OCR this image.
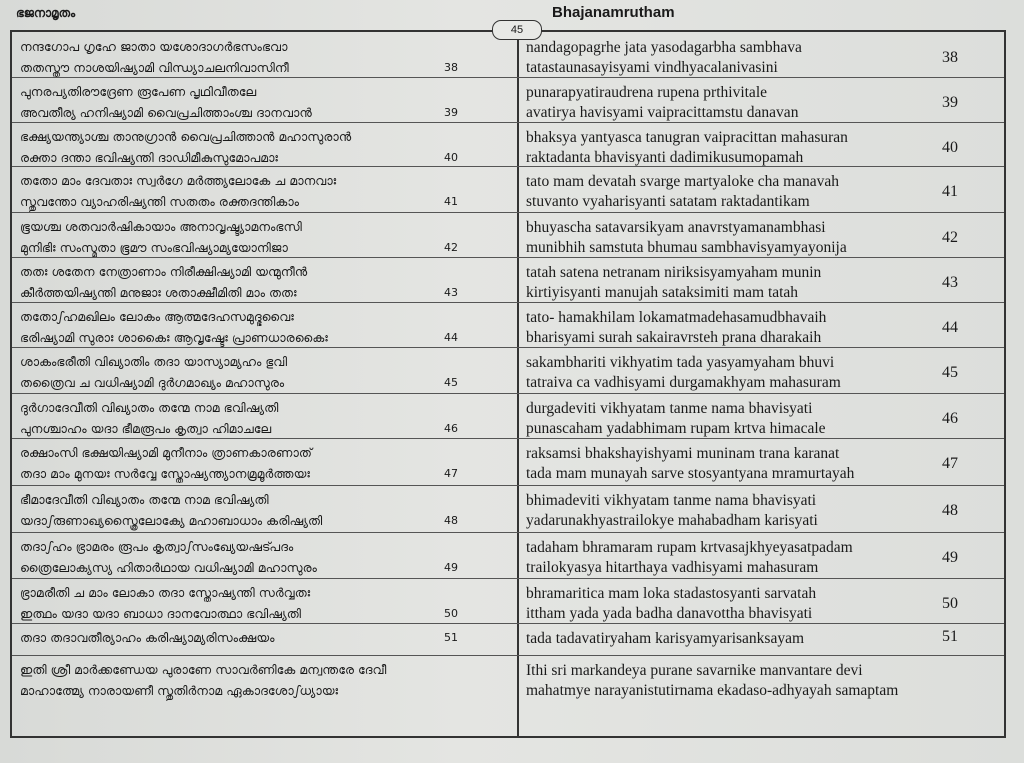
ഭജനാമൃതം	Bhajanamrutham
45
നന്ദഗോപ ഗൃഹേ ജാതാ യശോദാഗർഭസംഭവാ
തതസ്തൗ നാശയിഷ്യാമി വിന്ധ്യാചലനിവാസിനീ	38
nandagopagrhe jata yasodagarbha sambhava
tatastaunasayisyami vindhyacalanivasini
38
പുനരപ്യതിരൗദ്രേണ രൂപേണ പൃഥിവീതലേ
അവതീര്യ ഹനിഷ്യാമി വൈപ്രചിത്താംശ്ച ദാനവാൻ	39
punarapyatiraudrena rupena prthivitale
avatirya havisyami vaipracittamstu danavan
39
ഭക്ഷ്യയന്ത്യാശ്ച താനുഗ്രാൻ വൈപ്രചിത്താൻ മഹാസുരാൻ
രക്താ ദന്താ ഭവിഷ്യന്തി ദാഡിമീകുസുമോപമാഃ	40
bhaksya yantyasca tanugran vaipracittan mahasuran
raktadanta bhavisyanti dadimikusumopamah
40
തതോ മാം ദേവതാഃ സ്വർഗേ മർത്ത്യലോകേ ച മാനവാഃ
സ്തുവന്തോ വ്യാഹരിഷ്യന്തി സതതം രക്തദന്തികാം	41
tato mam devatah svarge martyaloke cha manavah
stuvanto vyaharisyanti satatam raktadantikam
41
ഭൂയശ്ച ശതവാർഷികായാം അനാവൃഷ്ട്യാമനംഭസി
മുനിഭിഃ സംസ്മൃതാ ഭൂമൗ സംഭവിഷ്യാമ്യയോനിജാ	42
bhuyascha satavarsikyam anavrstyamanambhasi
munibhih samstuta bhumau sambhavisyamyayonija
42
തതഃ ശതേന നേത്രാണാം നിരീക്ഷിഷ്യാമി യന്മുനീൻ
കീർത്തയിഷ്യന്തി മനുജാഃ ശതാക്ഷീമിതി മാം തതഃ	43
tatah satena netranam niriksisyamyaham munin
kirtiyisyanti manujah sataksimiti mam tatah
43
തതോഽഹമഖിലം ലോകം ആത്മദേഹസമുദ്ഭവൈഃ
ഭരിഷ്യാമി സുരാഃ ശാകൈഃ ആവൃഷ്ടേഃ പ്രാണധാരകൈഃ	44
tato- hamakhilam lokamatmadehasamudbhavaih
bharisyami surah sakairavrsteh prana dharakaih
44
ശാകംഭരീതി വിഖ്യാതിം തദാ യാസ്യാമ്യഹം ഭുവി
തത്രൈവ ച വധിഷ്യാമി ദുർഗമാഖ്യം മഹാസുരം	45
sakambhariti vikhyatim tada yasyamyaham bhuvi
tatraiva ca vadhisyami durgamakhyam mahasuram
45
ദുർഗാദേവീതി വിഖ്യാതം തന്മേ നാമ ഭവിഷ്യതി
പുനശ്ചാഹം യദാ ഭീമരൂപം കൃത്വാ ഹിമാചലേ	46
durgadeviti vikhyatam tanme nama bhavisyati
punascaham yadabhimam rupam krtva himacale
46
രക്ഷാംസി ഭക്ഷയിഷ്യാമി മുനീനാം ത്രാണകാരണാത്
തദാ മാം മുനയഃ സർവ്വേ സ്തോഷ്യന്ത്യാനമ്രമൂർത്തയഃ	47
raksamsi bhakshayishyami muninam trana karanat
tada mam munayah sarve stosyantyana mramurtayah
47
ഭീമാദേവീതി വിഖ്യാതം തന്മേ നാമ ഭവിഷ്യതി
യദാഽരുണാഖ്യസ്ത്രൈലോക്യേ മഹാബാധാം കരിഷ്യതി	48
bhimadeviti vikhyatam tanme nama bhavisyati
yadarunakhyastrailokye mahabadham karisyati
48
തദാഽഹം ഭ്രാമരം രൂപം കൃത്വാഽസംഖ്യേയഷട്പദം
ത്രൈലോക്യസ്യ ഹിതാർഥായ വധിഷ്യാമി മഹാസുരം	49
tadaham bhramaram rupam krtvasajkhyeyasatpadam
trailokyasya hitarthaya vadhisyami mahasuram
49
ഭ്രാമരീതി ച മാം ലോകാ തദാ സ്തോഷ്യന്തി സർവ്വതഃ
ഇത്ഥം യദാ യദാ ബാധാ ദാനവോത്ഥാ ഭവിഷ്യതി	50
bhramaritica mam loka stadastosyanti sarvatah
ittham yada yada badha danavottha bhavisyati
50
തദാ തദാവതീര്യാഹം കരിഷ്യാമ്യരിസംക്ഷയം	51	tada tadavatiryaham karisyamyarisanksayam	51
ഇതി ശ്രീ മാർക്കണ്ഡേയ പുരാണേ സാവർണികേ മന്വന്തരേ ദേവീ
മാഹാത്മ്യേ നാരായണീ സ്തുതിർനാമ ഏകാദശോഽധ്യായഃ
Ithi sri markandeya purane savarnike manvantare devi
mahatmye narayanistutirnama ekadaso-adhyayah samaptam
